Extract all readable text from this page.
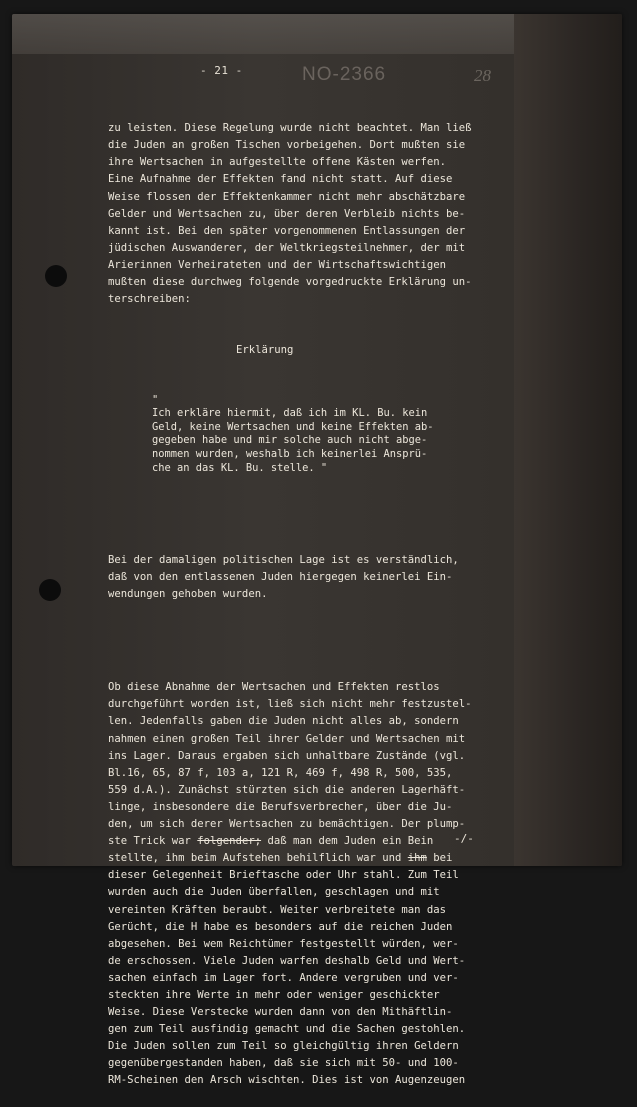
- 21 -	NO-2366	28

zu leisten. Diese Regelung wurde nicht beachtet. Man ließ
die Juden an großen Tischen vorbeigehen. Dort mußten sie
ihre Wertsachen in aufgestellte offene Kästen werfen.
Eine Aufnahme der Effekten fand nicht statt. Auf diese
Weise flossen der Effektenkammer nicht mehr abschätzbare
Gelder und Wertsachen zu, über deren Verbleib nichts be-
kannt ist. Bei den später vorgenommenen Entlassungen der
jüdischen Auswanderer, der Weltkriegsteilnehmer, der mit
Arierinnen Verheirateten und der Wirtschaftswichtigen
mußten diese durchweg folgende vorgedruckte Erklärung un-
terschreiben:

Erklärung

"
Ich erkläre hiermit, daß ich im KL. Bu. kein
Geld, keine Wertsachen und keine Effekten ab-
gegeben habe und mir solche auch nicht abge-
nommen wurden, weshalb ich keinerlei Ansprü-
che an das KL. Bu. stelle. "

Bei der damaligen politischen Lage ist es verständlich,
daß von den entlassenen Juden hiergegen keinerlei Ein-
wendungen gehoben wurden.

Ob diese Abnahme der Wertsachen und Effekten restlos
durchgeführt worden ist, ließ sich nicht mehr festzustel-
len. Jedenfalls gaben die Juden nicht alles ab, sondern
nahmen einen großen Teil ihrer Gelder und Wertsachen mit
ins Lager. Daraus ergaben sich unhaltbare Zustände (vgl.
Bl.16, 65, 87 f, 103 a, 121 R, 469 f, 498 R, 500, 535,
559 d.A.). Zunächst stürzten sich die anderen Lagerhäft-
linge, insbesondere die Berufsverbrecher, über die Ju-
den, um sich derer Wertsachen zu bemächtigen. Der plump-
ste Trick war folgender; daß man dem Juden ein Bein
stellte, ihm beim Aufstehen behilflich war und ihm bei
dieser Gelegenheit Brieftasche oder Uhr stahl. Zum Teil
wurden auch die Juden überfallen, geschlagen und mit
vereinten Kräften beraubt. Weiter verbreitete man das
Gerücht, die H habe es besonders auf die reichen Juden
abgesehen. Bei wem Reichtümer festgestellt würden, wer-
de erschossen. Viele Juden warfen deshalb Geld und Wert-
sachen einfach im Lager fort. Andere vergruben und ver-
steckten ihre Werte in mehr oder weniger geschickter
Weise. Diese Verstecke wurden dann von den Mithäftlin-
gen zum Teil ausfindig gemacht und die Sachen gestohlen.
Die Juden sollen zum Teil so gleichgültig ihren Geldern
gegenübergestanden haben, daß sie sich mit 50- und 100-
RM-Scheinen den Arsch wischten. Dies ist von Augenzeugen

-/-
